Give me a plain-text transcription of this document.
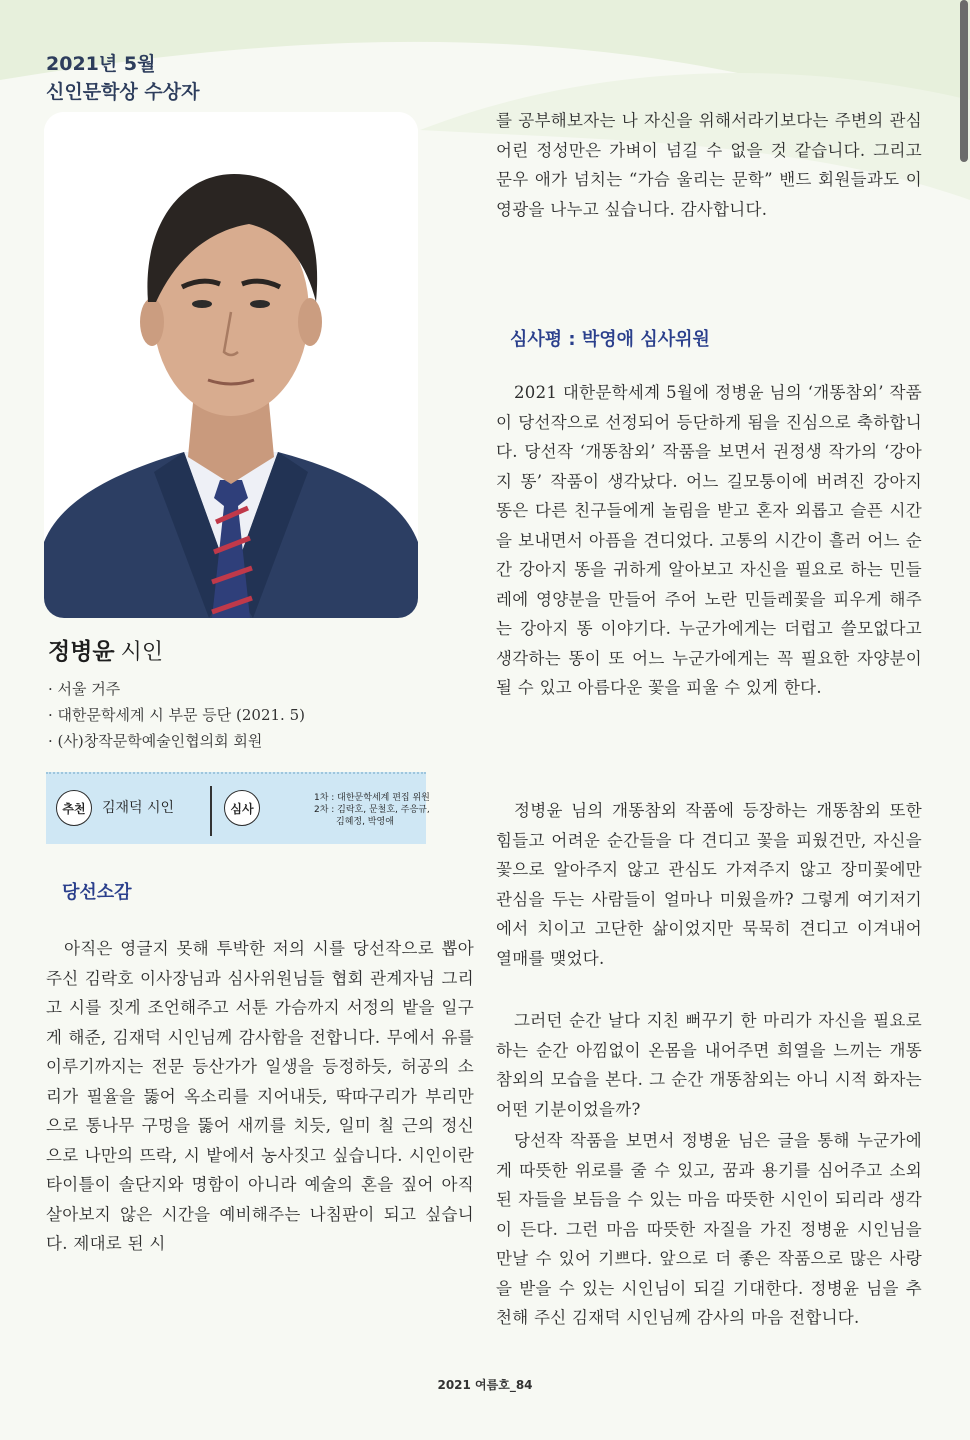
2021년 5월
신인문학상 수상자
정병윤 시인
· 서울 거주
· 대한문학세계 시 부문 등단 (2021. 5)
· (사)창작문학예술인협의회 회원
추천	김재덕 시인	심사
1차 : 대한문학세계 편집 위원
2차 : 김락호, 문철호, 주응규,
김혜정, 박영애
당선소감

아직은 영글지 못해 투박한 저의 시를 당선작으로 뽑아주신 김락호 이사장님과 심사위원님들 협회 관계자님 그리고 시를 짓게 조언해주고 서툰 가슴까지 서정의 밭을 일구게 해준, 김재덕 시인님께 감사함을 전합니다. 무에서 유를 이루기까지는 전문 등산가가 일생을 등정하듯, 허공의 소리가 필율을 뚫어 옥소리를 지어내듯, 딱따구리가 부리만으로 통나무 구멍을 뚫어 새끼를 치듯, 일미 칠 근의 정신으로 나만의 뜨락, 시 밭에서 농사짓고 싶습니다. 시인이란 타이틀이 솔단지와 명함이 아니라 예술의 혼을 짚어 아직 살아보지 않은 시간을 예비해주는 나침판이 되고 싶습니다. 제대로 된 시

를 공부해보자는 나 자신을 위해서라기보다는 주변의 관심 어린 정성만은 가벼이 넘길 수 없을 것 같습니다. 그리고 문우 애가 넘치는 “가슴 울리는 문학” 밴드 회원들과도 이 영광을 나누고 싶습니다. 감사합니다.

심사평 : 박영애 심사위원

2021 대한문학세계 5월에 정병윤 님의 ‘개똥참외’ 작품이 당선작으로 선정되어 등단하게 됨을 진심으로 축하합니다. 당선작 ‘개똥참외’ 작품을 보면서 권정생 작가의 ‘강아지 똥’ 작품이 생각났다. 어느 길모퉁이에 버려진 강아지 똥은 다른 친구들에게 놀림을 받고 혼자 외롭고 슬픈 시간을 보내면서 아픔을 견디었다. 고통의 시간이 흘러 어느 순간 강아지 똥을 귀하게 알아보고 자신을 필요로 하는 민들레에 영양분을 만들어 주어 노란 민들레꽃을 피우게 해주는 강아지 똥 이야기다. 누군가에게는 더럽고 쓸모없다고 생각하는 똥이 또 어느 누군가에게는 꼭 필요한 자양분이 될 수 있고 아름다운 꽃을 피울 수 있게 한다.

정병윤 님의 개똥참외 작품에 등장하는 개똥참외 또한 힘들고 어려운 순간들을 다 견디고 꽃을 피웠건만, 자신을 꽃으로 알아주지 않고 관심도 가져주지 않고 장미꽃에만 관심을 두는 사람들이 얼마나 미웠을까? 그렇게 여기저기에서 치이고 고단한 삶이었지만 묵묵히 견디고 이겨내어 열매를 맺었다.

그러던 순간 날다 지친 뻐꾸기 한 마리가 자신을 필요로 하는 순간 아낌없이 온몸을 내어주면 희열을 느끼는 개똥참외의 모습을 본다. 그 순간 개똥참외는 아니 시적 화자는 어떤 기분이었을까?

당선작 작품을 보면서 정병윤 님은 글을 통해 누군가에게 따뜻한 위로를 줄 수 있고, 꿈과 용기를 심어주고 소외된 자들을 보듬을 수 있는 마음 따뜻한 시인이 되리라 생각이 든다. 그런 마음 따뜻한 자질을 가진 정병윤 시인님을 만날 수 있어 기쁘다. 앞으로 더 좋은 작품으로 많은 사랑을 받을 수 있는 시인님이 되길 기대한다. 정병윤 님을 추천해 주신 김재덕 시인님께 감사의 마음 전합니다.

2021 여름호_84
